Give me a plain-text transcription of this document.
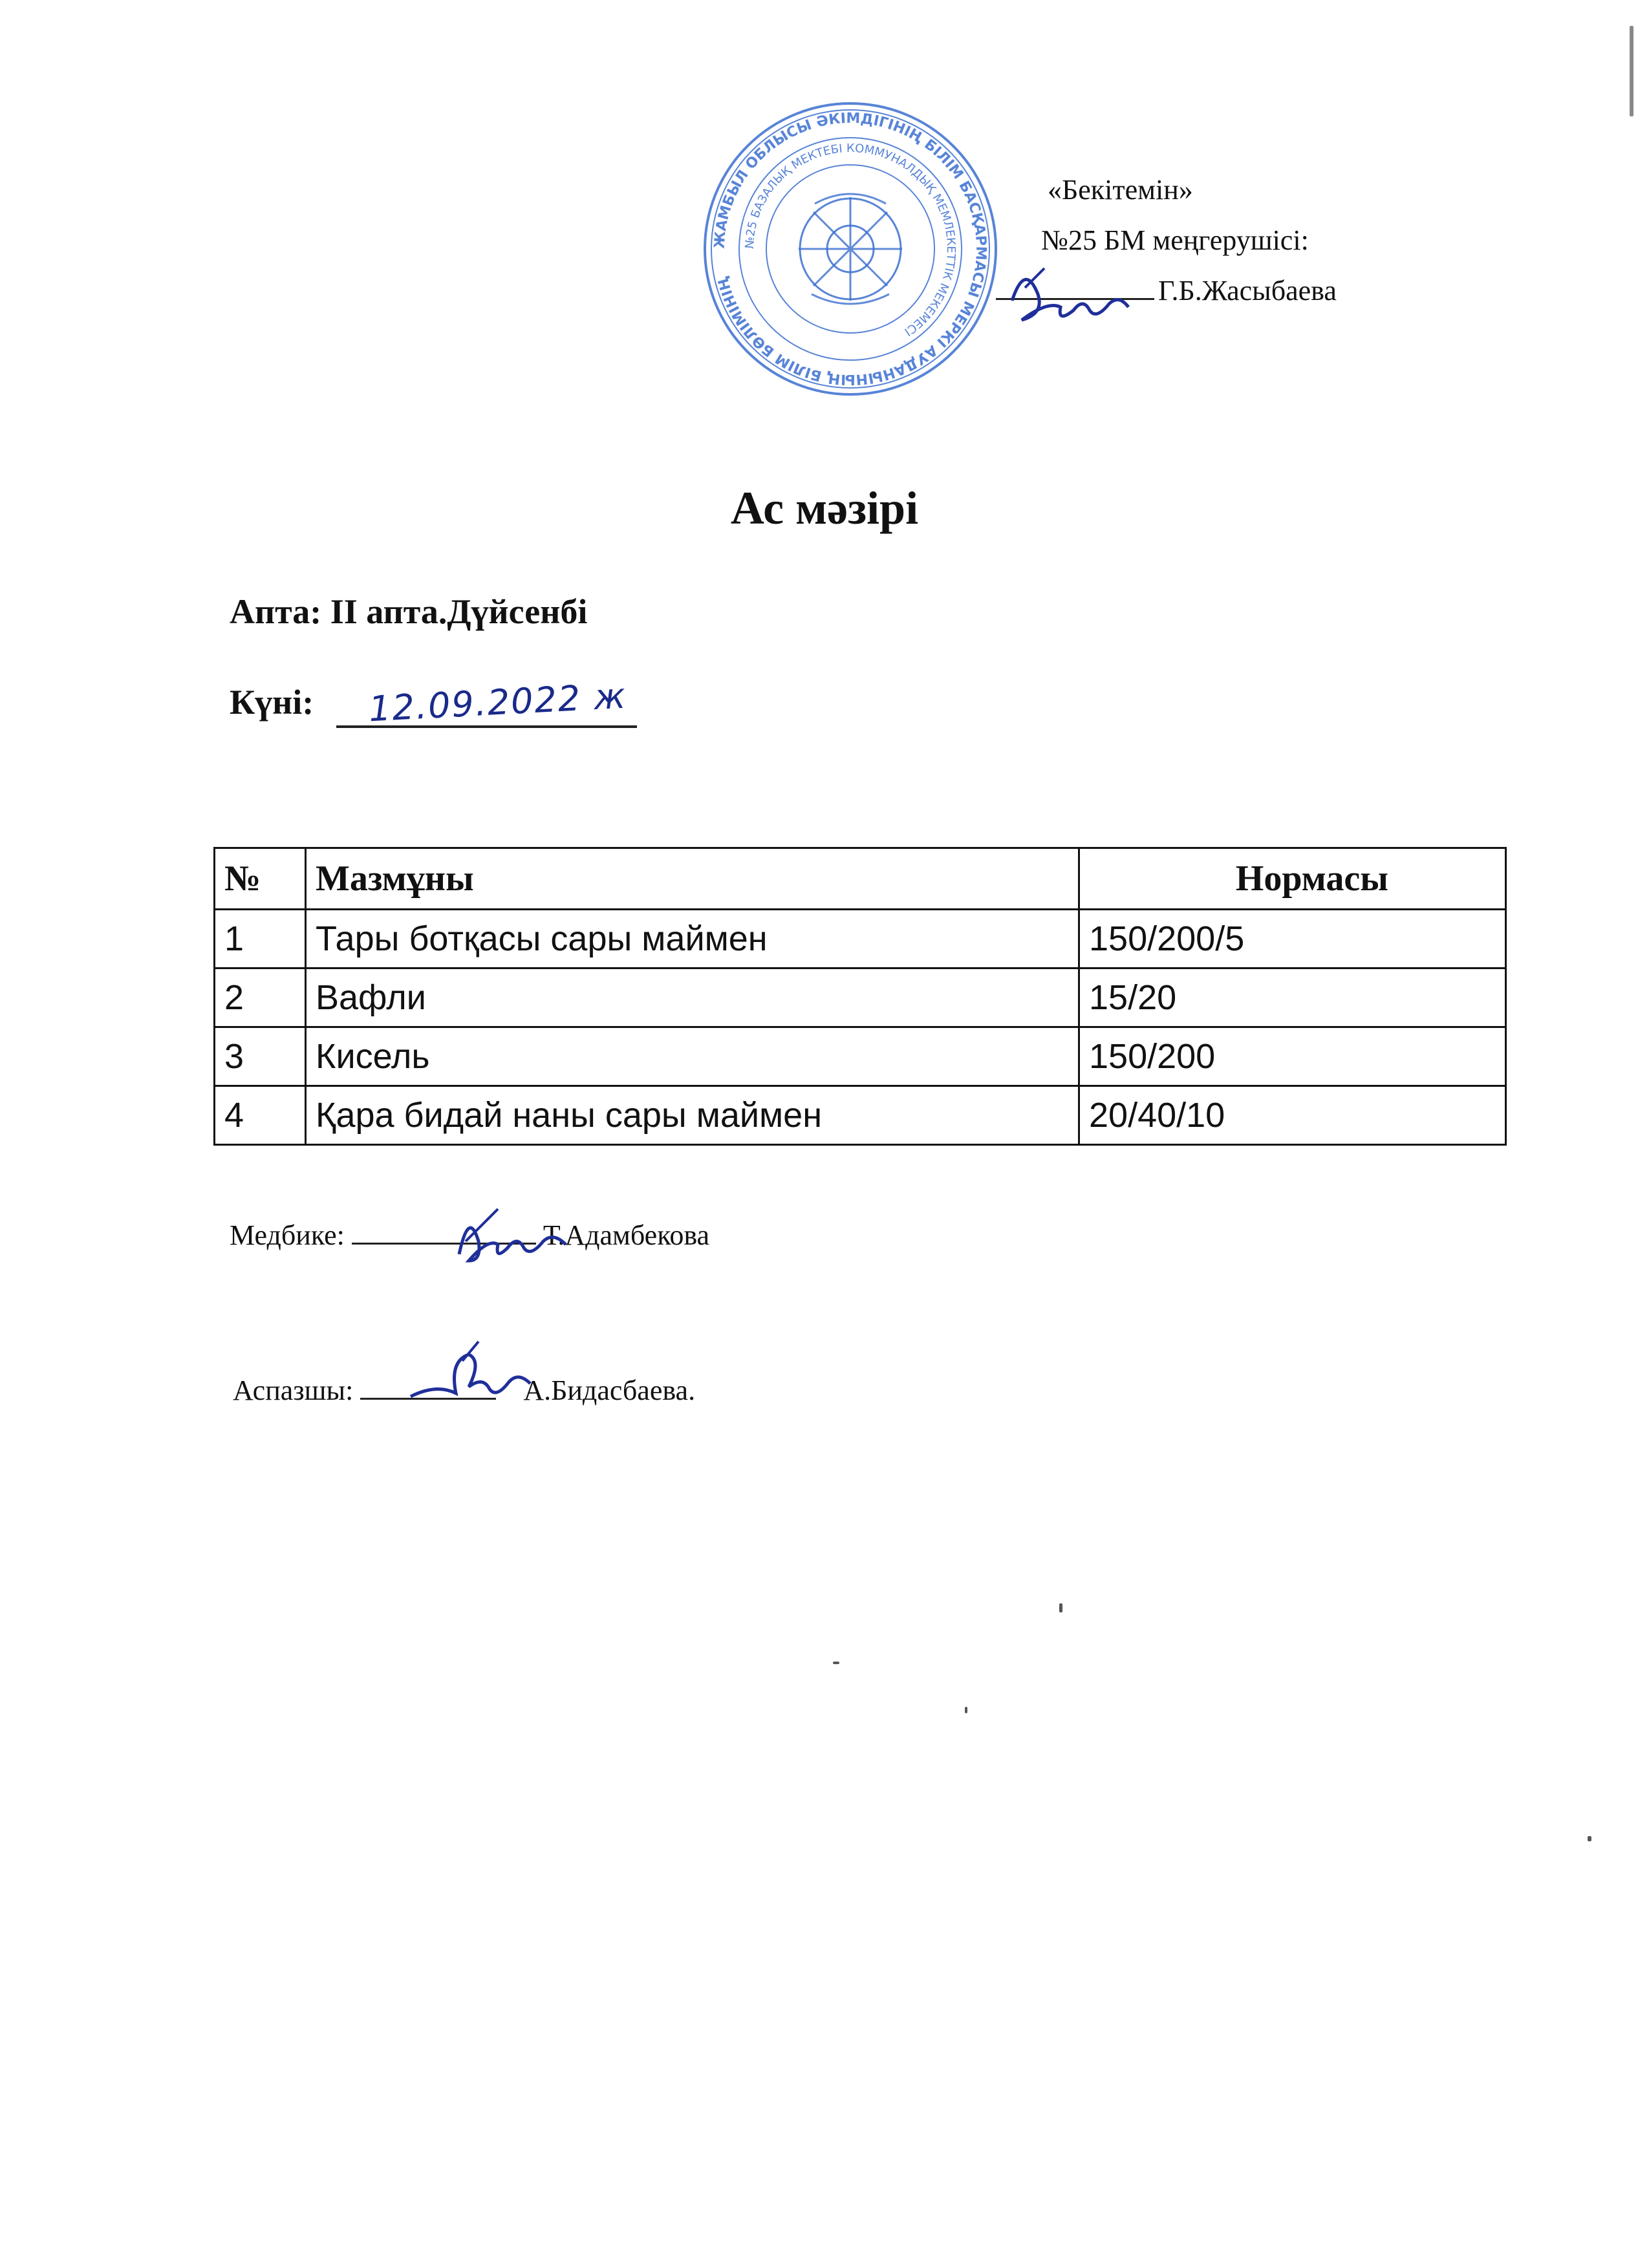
ЖАМБЫЛ ОБЛЫСЫ ӘКІМДІГІНІҢ БІЛІМ БАСҚАРМАСЫ МЕРКІ АУДАНЫНЫҢ БІЛІМ БӨЛІМІНІҢ
№25 БАЗАЛЫҚ МЕКТЕБІ КОММУНАЛДЫҚ МЕМЛЕКЕТТІК МЕКЕМЕСІ
«Бекітемін»
№25 БМ меңгерушісі:
Г.Б.Жасыбаева
Ас мәзірі
Апта: ІІ апта.Дүйсенбі
Күні: 12.09.2022 ж
№	Мазмұны	Нормасы
1	Тары ботқасы сары маймен	150/200/5
2	Вафли	15/20
3	Кисель	150/200
4	Қара бидай наны сары маймен	20/40/10
Медбике:	Т.Адамбекова
Аспазшы:	А.Бидасбаева.
